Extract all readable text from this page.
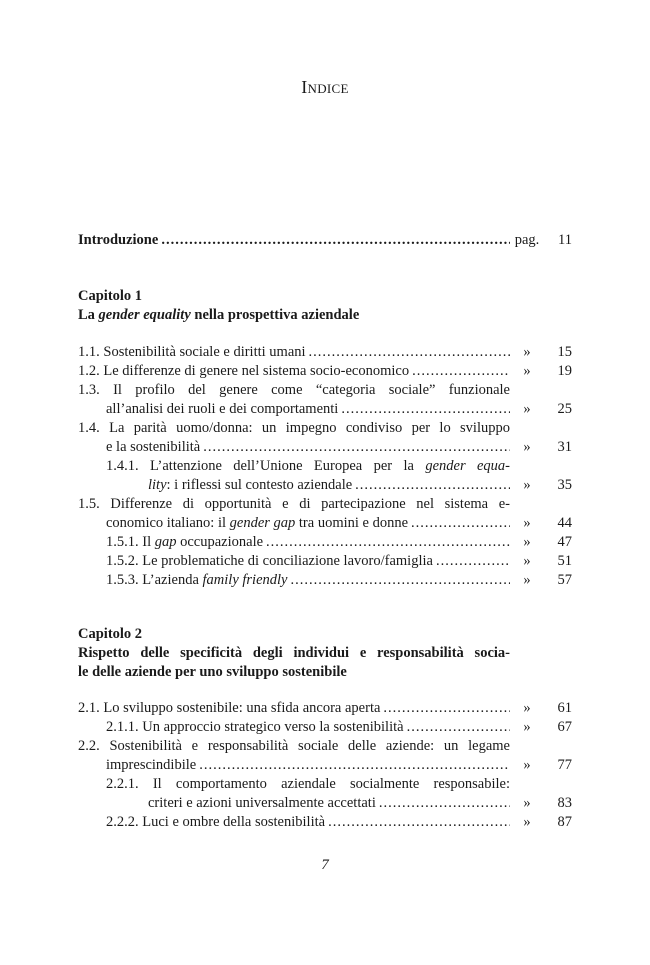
Indice
Introduzione .....	pag.	11
Capitolo 1
La gender equality nella prospettiva aziendale
1.1. Sostenibilità sociale e diritti umani .....	»	15
1.2. Le differenze di genere nel sistema socio-economico .....	»	19
1.3. Il profilo del genere come “categoria sociale” funzionale
all’analisi dei ruoli e dei comportamenti .....	»	25
1.4. La parità uomo/donna: un impegno condiviso per lo sviluppo
e la sostenibilità .....	»	31
1.4.1. L’attenzione dell’Unione Europea per la gender equa-
lity: i riflessi sul contesto aziendale .....	»	35
1.5. Differenze di opportunità e di partecipazione nel sistema e-
conomico italiano: il gender gap tra uomini e donne .....	»	44
1.5.1. Il gap occupazionale .....	»	47
1.5.2. Le problematiche di conciliazione lavoro/famiglia .....	»	51
1.5.3. L’azienda family friendly .....	»	57
Capitolo 2
Rispetto delle specificità degli individui e responsabilità socia-
le delle aziende per uno sviluppo sostenibile
2.1. Lo sviluppo sostenibile: una sfida ancora aperta .....	»	61
2.1.1. Un approccio strategico verso la sostenibilità .....	»	67
2.2. Sostenibilità e responsabilità sociale delle aziende: un legame
imprescindibile .....	»	77
2.2.1. Il comportamento aziendale socialmente responsabile:
criteri e azioni universalmente accettati .....	»	83
2.2.2. Luci e ombre della sostenibilità .....	»	87
7
